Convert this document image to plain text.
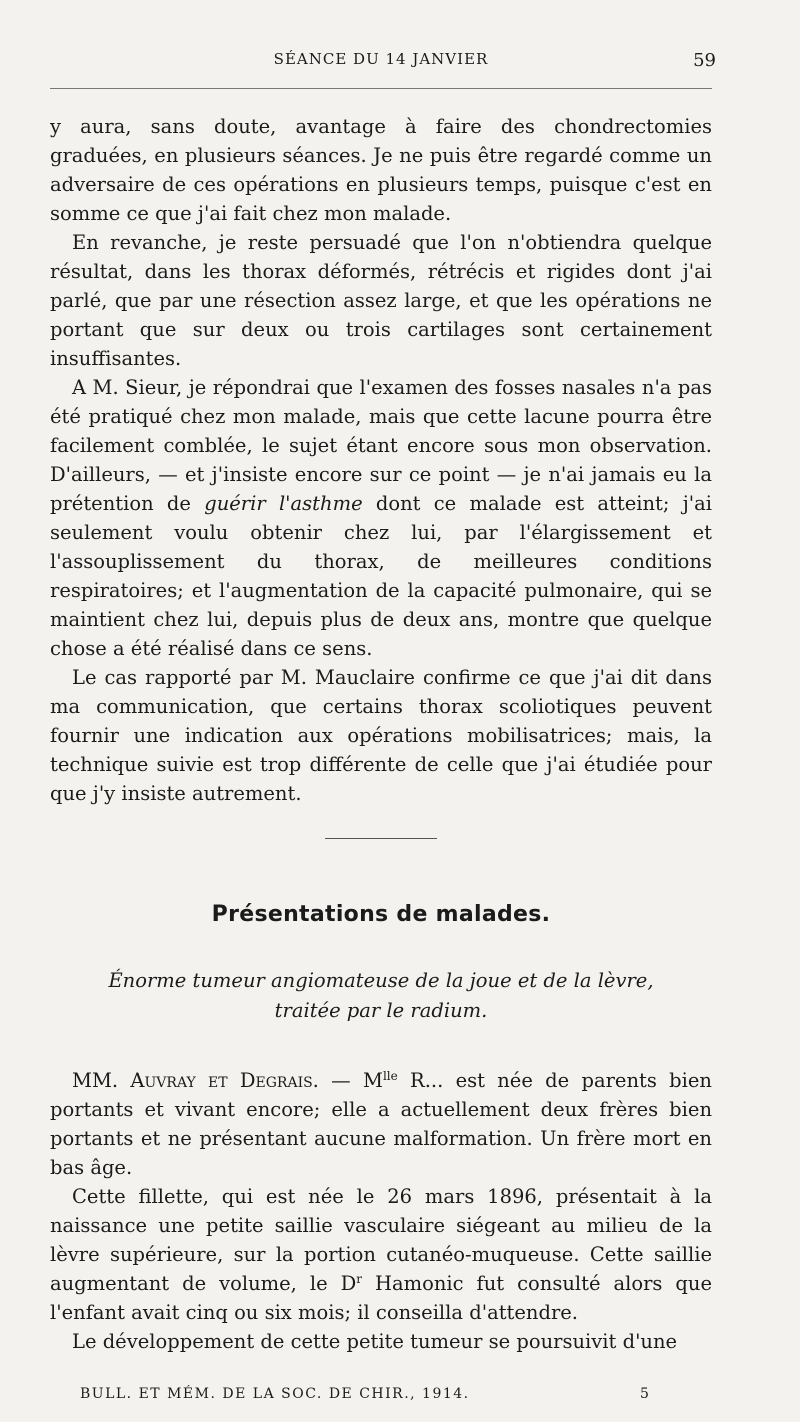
SÉANCE DU 14 JANVIER	59

y aura, sans doute, avantage à faire des chondrectomies graduées, en plusieurs séances. Je ne puis être regardé comme un adversaire de ces opérations en plusieurs temps, puisque c'est en somme ce que j'ai fait chez mon malade.

En revanche, je reste persuadé que l'on n'obtiendra quelque résultat, dans les thorax déformés, rétrécis et rigides dont j'ai parlé, que par une résection assez large, et que les opérations ne portant que sur deux ou trois cartilages sont certainement insuffisantes.

A M. Sieur, je répondrai que l'examen des fosses nasales n'a pas été pratiqué chez mon malade, mais que cette lacune pourra être facilement comblée, le sujet étant encore sous mon observation. D'ailleurs, — et j'insiste encore sur ce point — je n'ai jamais eu la prétention de guérir l'asthme dont ce malade est atteint; j'ai seulement voulu obtenir chez lui, par l'élargissement et l'assouplissement du thorax, de meilleures conditions respiratoires; et l'augmentation de la capacité pulmonaire, qui se maintient chez lui, depuis plus de deux ans, montre que quelque chose a été réalisé dans ce sens.

Le cas rapporté par M. Mauclaire confirme ce que j'ai dit dans ma communication, que certains thorax scoliotiques peuvent fournir une indication aux opérations mobilisatrices; mais, la technique suivie est trop différente de celle que j'ai étudiée pour que j'y insiste autrement.

Présentations de malades.
Énorme tumeur angiomateuse de la joue et de la lèvre,
traitée par le radium.

MM. Auvray et Degrais. — $M^{lle}$ R... est née de parents bien portants et vivant encore; elle a actuellement deux frères bien portants et ne présentant aucune malformation. Un frère mort en bas âge.

Cette fillette, qui est née le 26 mars 1896, présentait à la naissance une petite saillie vasculaire siégeant au milieu de la lèvre supérieure, sur la portion cutanéo-muqueuse. Cette saillie augmentant de volume, le $D^r$ Hamonic fut consulté alors que l'enfant avait cinq ou six mois; il conseilla d'attendre.

Le développement de cette petite tumeur se poursuivit d'une

BULL. ET MÉM. DE LA SOC. DE CHIR., 1914.	5
